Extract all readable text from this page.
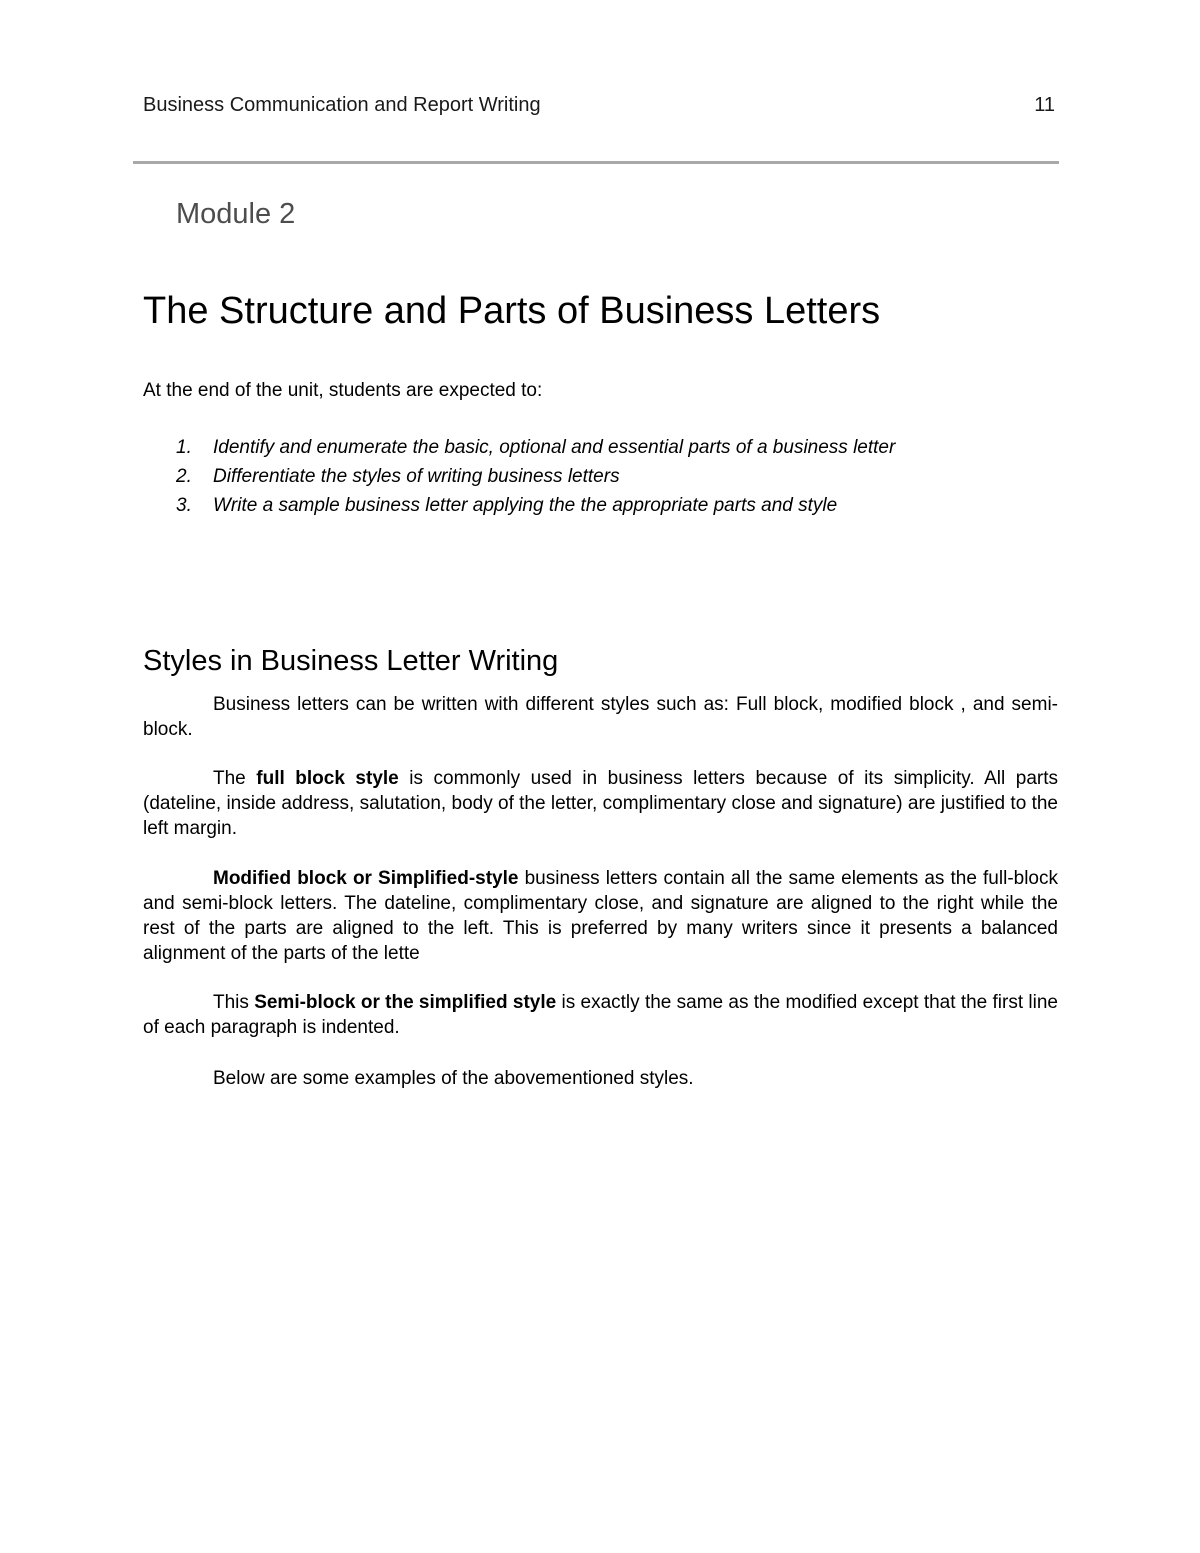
Business Communication and Report Writing	11
Module 2
The Structure and Parts of Business Letters
At the end of the unit, students are expected to:
1. Identify and enumerate the basic, optional and essential parts of a business letter
2. Differentiate the styles of writing business letters
3. Write a sample business letter applying the the appropriate parts and style
Styles in Business Letter Writing

Business letters can be written with different styles such as: Full block, modified block , and semi-block.

The full block style is commonly used in business letters because of its simplicity. All parts (dateline, inside address, salutation, body of the letter, complimentary close and signature) are justified to the left margin.

Modified block or Simplified-style business letters contain all the same elements as the full-block and semi-block letters. The dateline, complimentary close, and signature are aligned to the right while the rest of the parts are aligned to the left. This is preferred by many writers since it presents a balanced alignment of the parts of the lette

This Semi-block or the simplified style is exactly the same as the modified except that the first line of each paragraph is indented.

Below are some examples of the abovementioned styles.
